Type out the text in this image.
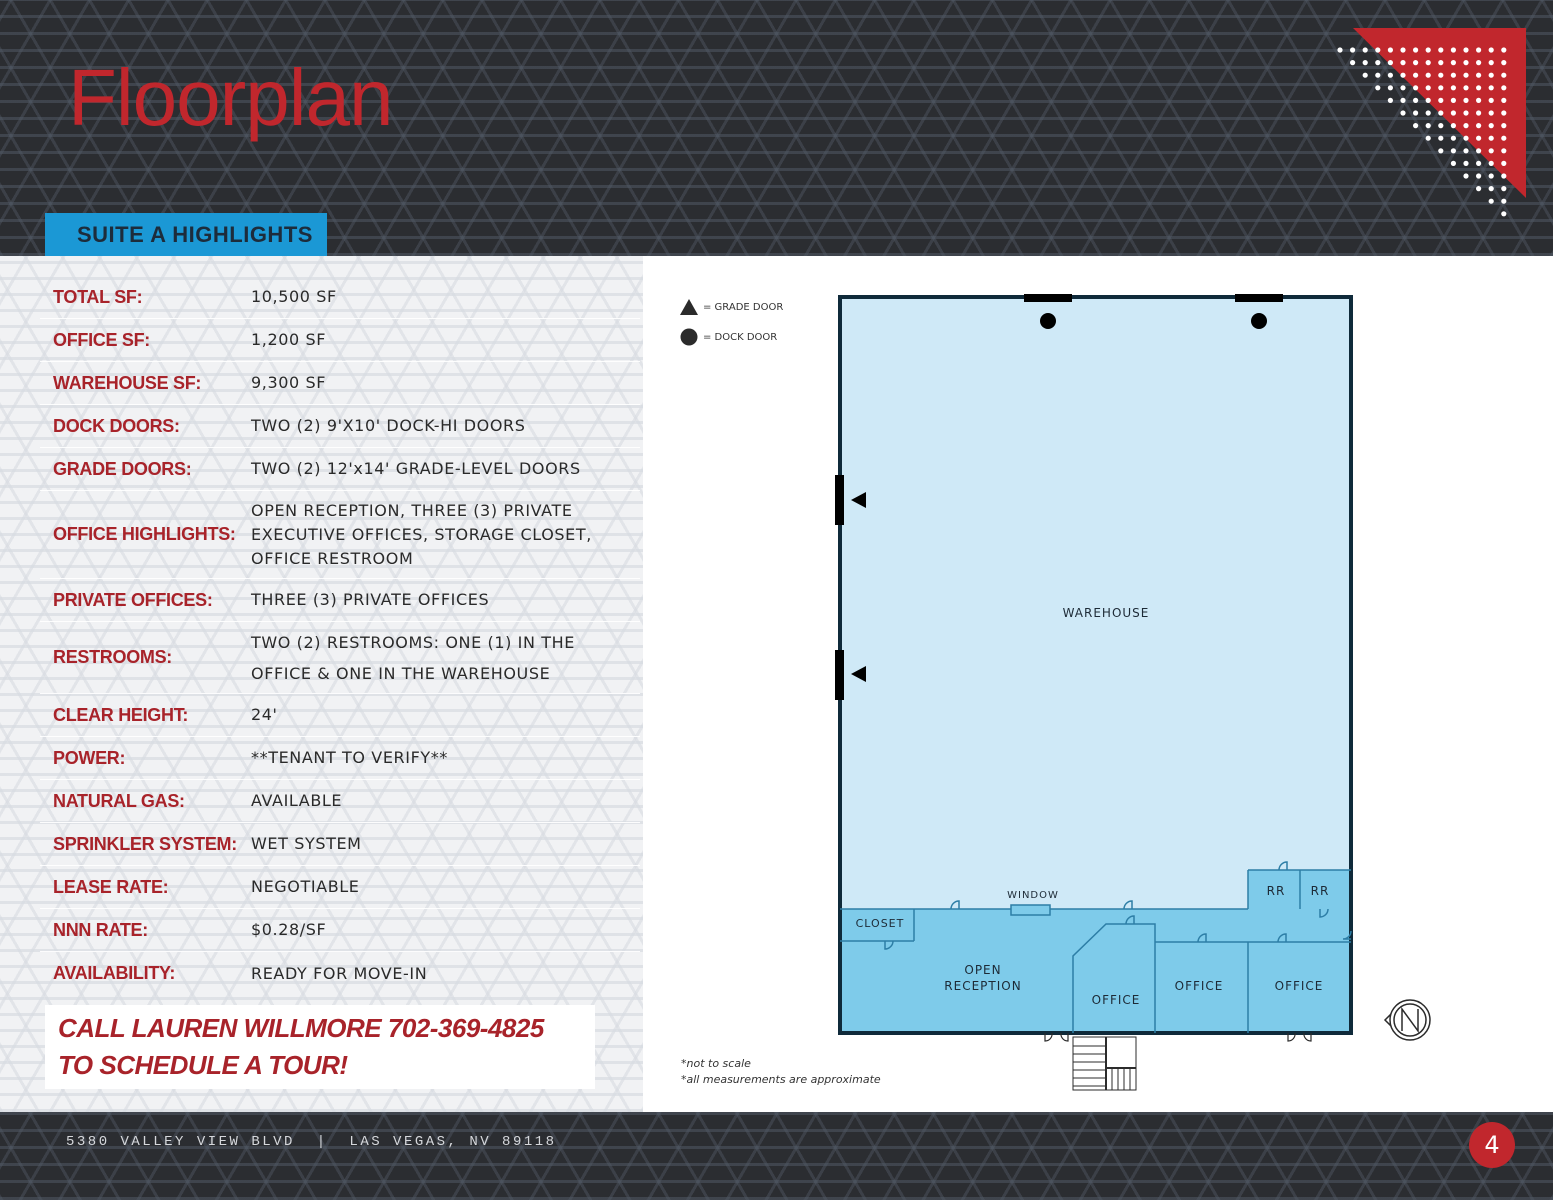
Floorplan
SUITE A HIGHLIGHTS
TOTAL SF:	10,500 SF
OFFICE SF:	1,200 SF
WAREHOUSE SF:	9,300 SF
DOCK DOORS:	TWO (2) 9'X10' DOCK-HI DOORS
GRADE DOORS:	TWO (2) 12'x14' GRADE-LEVEL DOORS
OFFICE HIGHLIGHTS:
OPEN RECEPTION, THREE (3) PRIVATE EXECUTIVE OFFICES, STORAGE CLOSET, OFFICE RESTROOM
PRIVATE OFFICES: THREE (3) PRIVATE OFFICES
RESTROOMS:
TWO (2) RESTROOMS: ONE (1) IN THE OFFICE & ONE IN THE WAREHOUSE
CLEAR HEIGHT:	24'
POWER:	**TENANT TO VERIFY**
NATURAL GAS:	AVAILABLE
SPRINKLER SYSTEM: WET SYSTEM
LEASE RATE:	NEGOTIABLE
NNN RATE:	$0.28/SF
AVAILABILITY:	READY FOR MOVE-IN
CALL LAUREN WILLMORE 702-369-4825
TO SCHEDULE A TOUR!
= GRADE DOOR
= DOCK DOOR
WAREHOUSE
WINDOW
CLOSET
OPEN
RECEPTION
OFFICE
OFFICE	OFFICE
RR	RR
*not to scale
*all measurements are approximate
5380 VALLEY VIEW BLVD  |  LAS VEGAS, NV 89118	4
